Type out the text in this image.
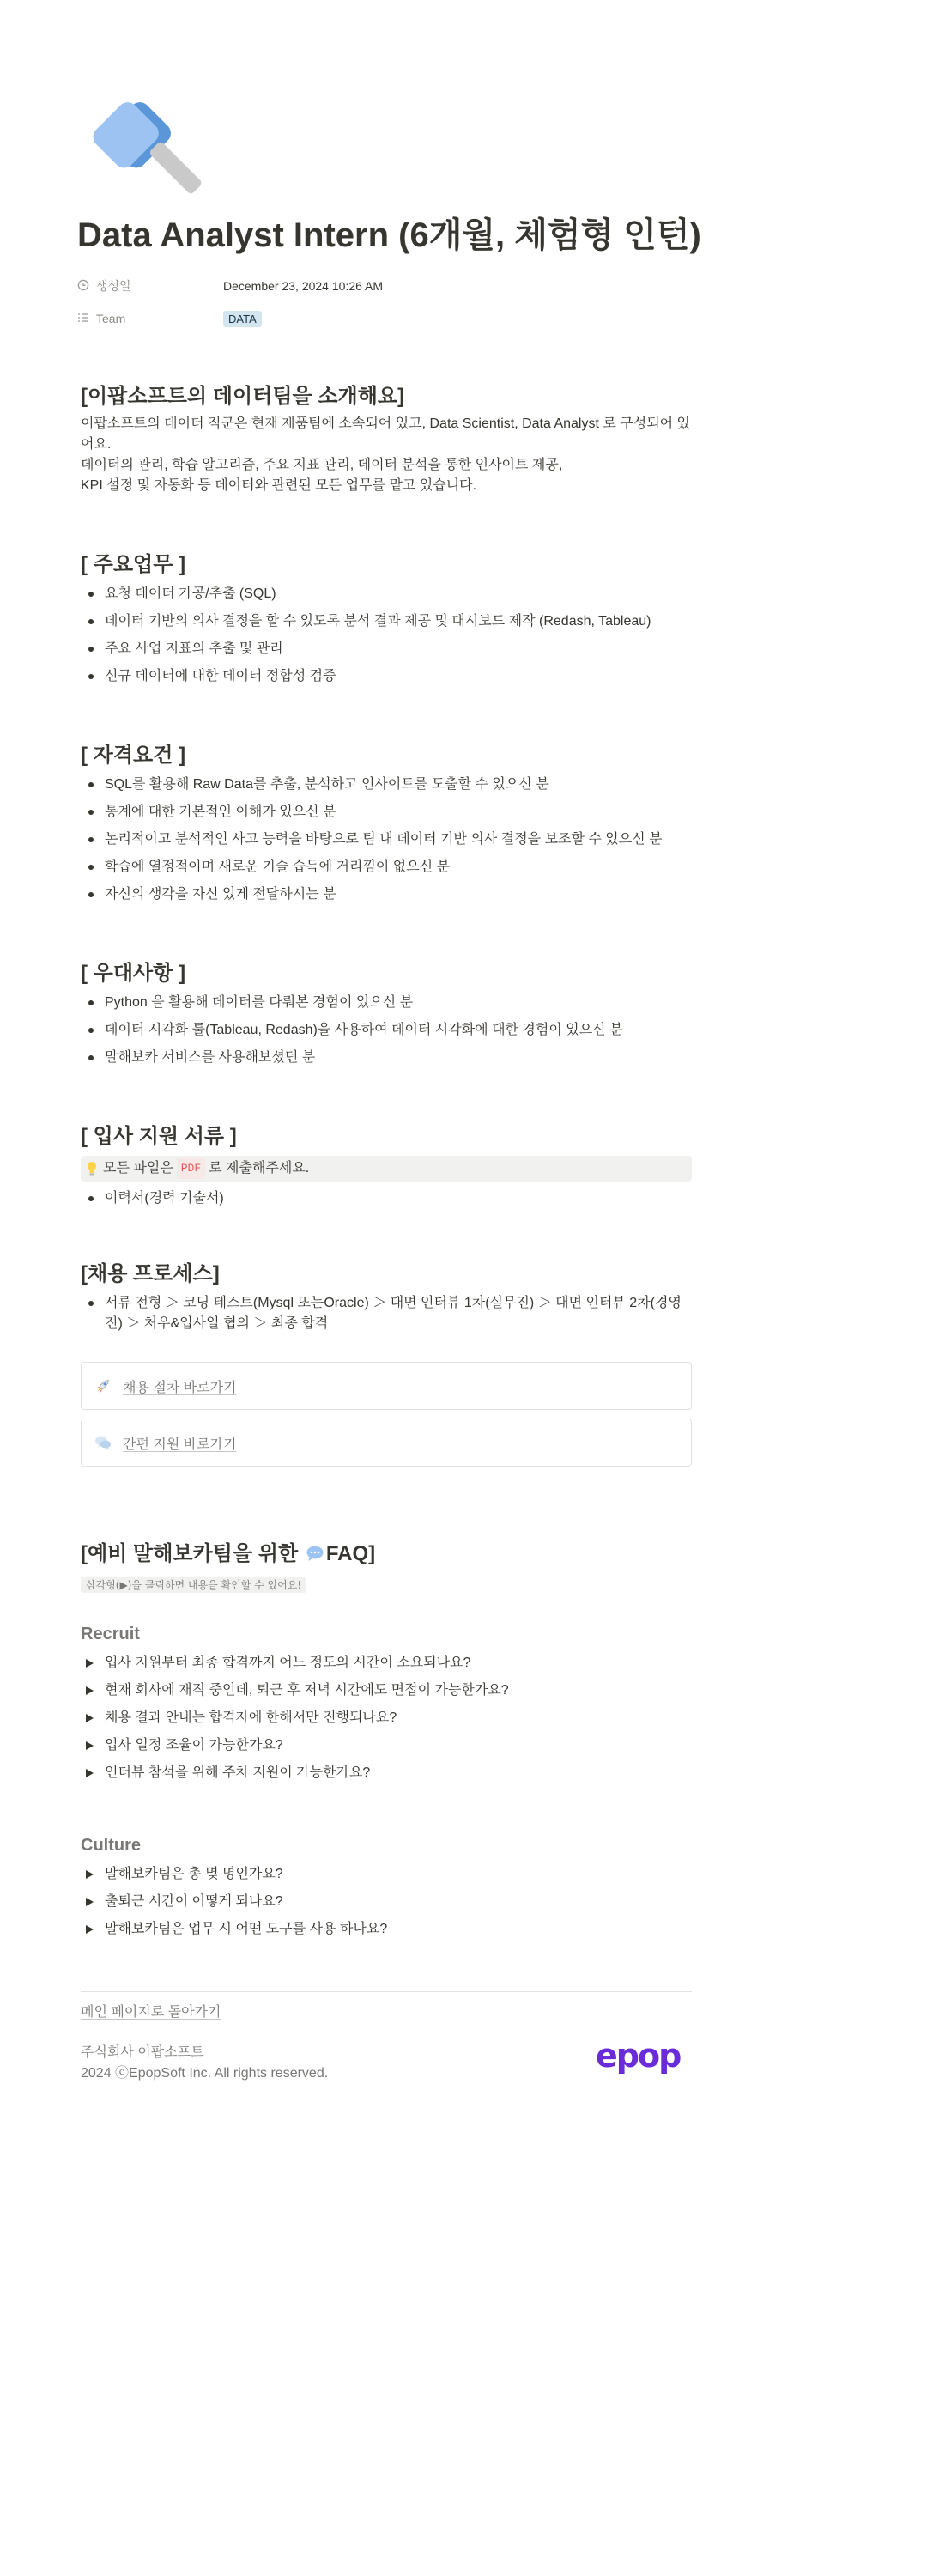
Data Analyst Intern (6개월, 체험형 인턴)
생성일	December 23, 2024 10:26 AM
Team	DATA
[이팝소프트의 데이터팀을 소개해요]
이팝소프트의 데이터 직군은 현재 제품팀에 소속되어 있고, Data Scientist, Data Analyst 로 구성되어 있어요.
데이터의 관리, 학습 알고리즘, 주요 지표 관리, 데이터 분석을 통한 인사이트 제공,
KPI 설정 및 자동화 등 데이터와 관련된 모든 업무를 맡고 있습니다.
[ 주요업무 ]
요청 데이터 가공/추출 (SQL)
데이터 기반의 의사 결정을 할 수 있도록 분석 결과 제공 및 대시보드 제작 (Redash, Tableau)
주요 사업 지표의 추출 및 관리
신규 데이터에 대한 데이터 정합성 검증
[ 자격요건 ]
SQL를 활용해 Raw Data를 추출, 분석하고 인사이트를 도출할 수 있으신 분
통계에 대한 기본적인 이해가 있으신 분
논리적이고 분석적인 사고 능력을 바탕으로 팀 내 데이터 기반 의사 결정을 보조할 수 있으신 분
학습에 열정적이며 새로운 기술 습득에 거리낌이 없으신 분
자신의 생각을 자신 있게 전달하시는 분
[ 우대사항 ]
Python 을 활용해 데이터를 다뤄본 경험이 있으신 분
데이터 시각화 툴(Tableau, Redash)을 사용하여 데이터 시각화에 대한 경험이 있으신 분
말해보카 서비스를 사용해보셨던 분
[ 입사 지원 서류 ]
모든 파일은 PDF 로 제출해주세요.
이력서(경력 기술서)
[채용 프로세스]
서류 전형 ＞ 코딩 테스트(Mysql 또는Oracle) ＞ 대면 인터뷰 1차(실무진) ＞ 대면 인터뷰 2차(경영진) ＞ 처우&입사일 협의 ＞ 최종 합격
채용 절차 바로가기
간편 지원 바로가기
[예비 말해보카팀을 위한 FAQ]
삼각형(▶)을 클릭하면 내용을 확인할 수 있어요!
Recruit
입사 지원부터 최종 합격까지 어느 정도의 시간이 소요되나요?
현재 회사에 재직 중인데, 퇴근 후 저녁 시간에도 면접이 가능한가요?
채용 결과 안내는 합격자에 한해서만 진행되나요?
입사 일정 조율이 가능한가요?
인터뷰 참석을 위해 주차 지원이 가능한가요?
Culture
말해보카팀은 총 몇 명인가요?
출퇴근 시간이 어떻게 되나요?
말해보카팀은 업무 시 어떤 도구를 사용 하나요?
메인 페이지로 돌아가기
주식회사 이팝소프트
2024 ⓒEpopSoft Inc. All rights reserved.	epop
